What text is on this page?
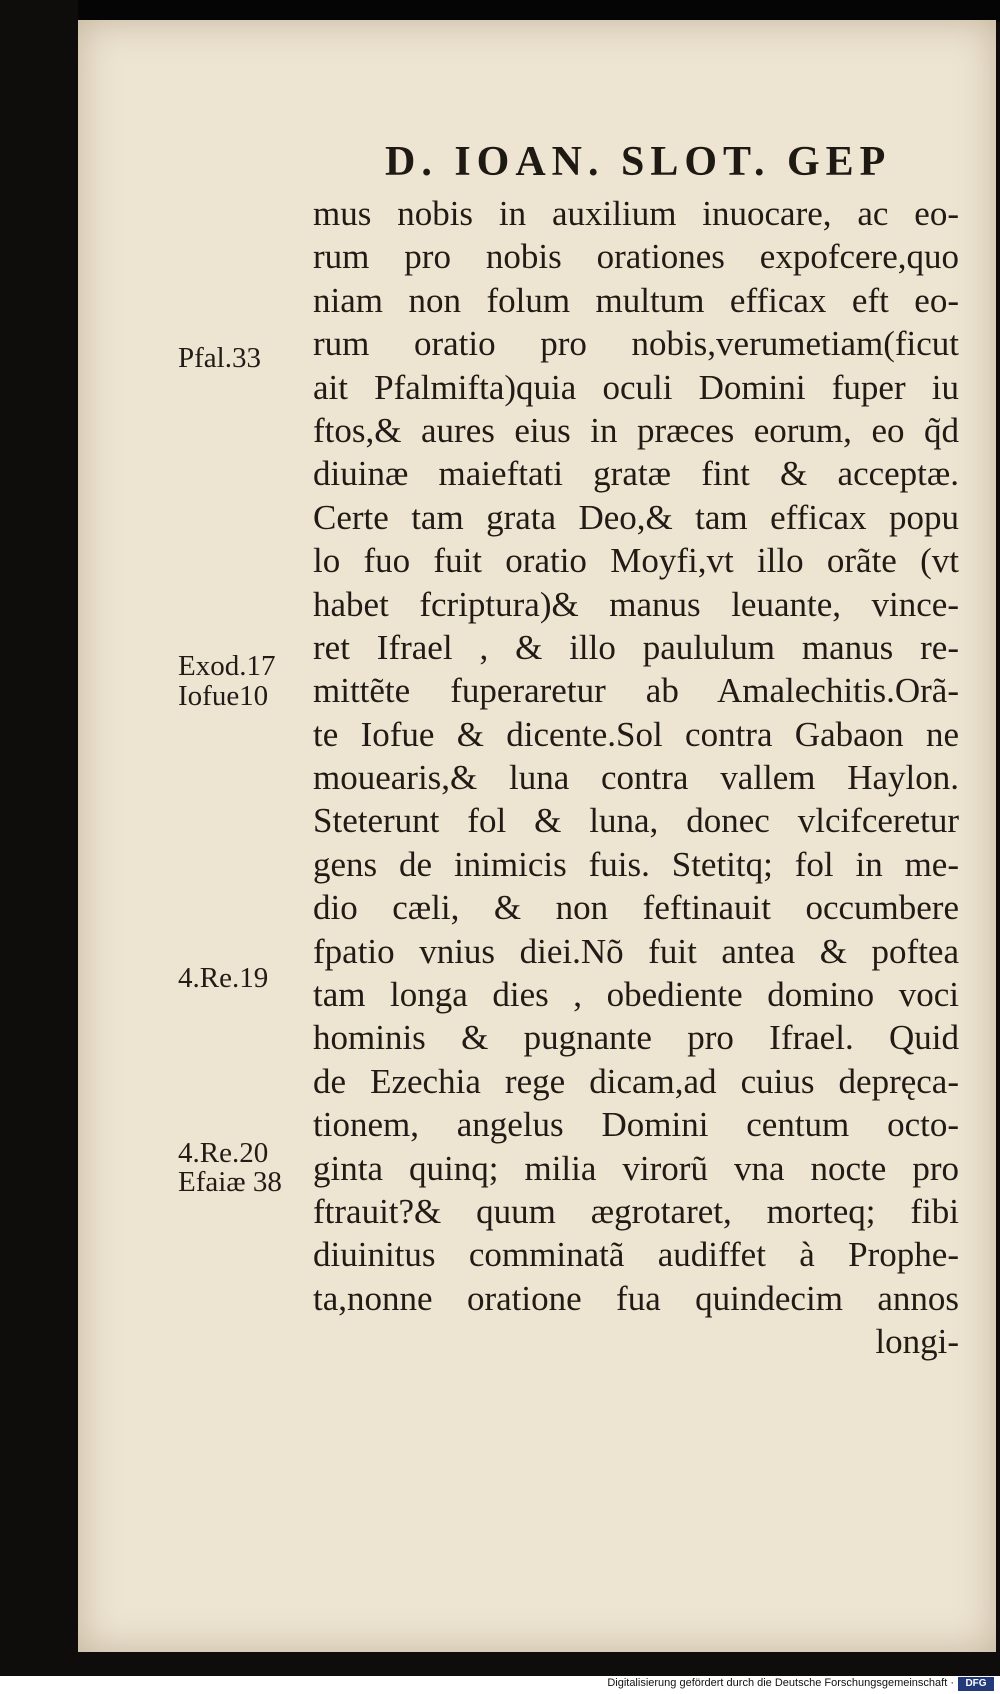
D. IOAN. SLOT. GEP
mus nobis in auxilium inuocare, ac eo-
rum pro nobis orationes expofcere,quo
niam non folum multum efficax eft eo-
rum oratio pro nobis,verumetiam(ficut
ait Pfalmifta)quia oculi Domini fuper iu
ftos,& aures eius in præces eorum, eo q̃d
diuinæ maieftati gratæ fint & acceptæ.
Certe tam grata Deo,& tam efficax popu
lo fuo fuit oratio Moyfi,vt illo orãte (vt
habet fcriptura)& manus leuante, vince-
ret Ifrael , & illo paululum manus re-
mittẽte fuperaretur ab Amalechitis.Orã-
te Iofue & dicente.Sol contra Gabaon ne
mouearis,& luna contra vallem Haylon.
Steterunt fol & luna, donec vlcifceretur
gens de inimicis fuis. Stetitq; fol in me-
dio cæli, & non feftinauit occumbere
fpatio vnius diei.Nõ fuit antea & poftea
tam longa dies , obediente domino voci
hominis & pugnante pro Ifrael. Quid
de Ezechia rege dicam,ad cuius depręca-
tionem, angelus Domini centum octo-
ginta quinq; milia virorũ vna nocte pro
ftrauit?& quum ægrotaret, morteq; fibi
diuinitus comminatã audiffet à Prophe-
ta,nonne oratione fua quindecim annos
longi-
Pfal.33
Exod.17
Iofue10
4.Re.19
4.Re.20
Efaiæ 38
Digitalisierung gefördert durch die Deutsche Forschungsgemeinschaft ·	DFG
